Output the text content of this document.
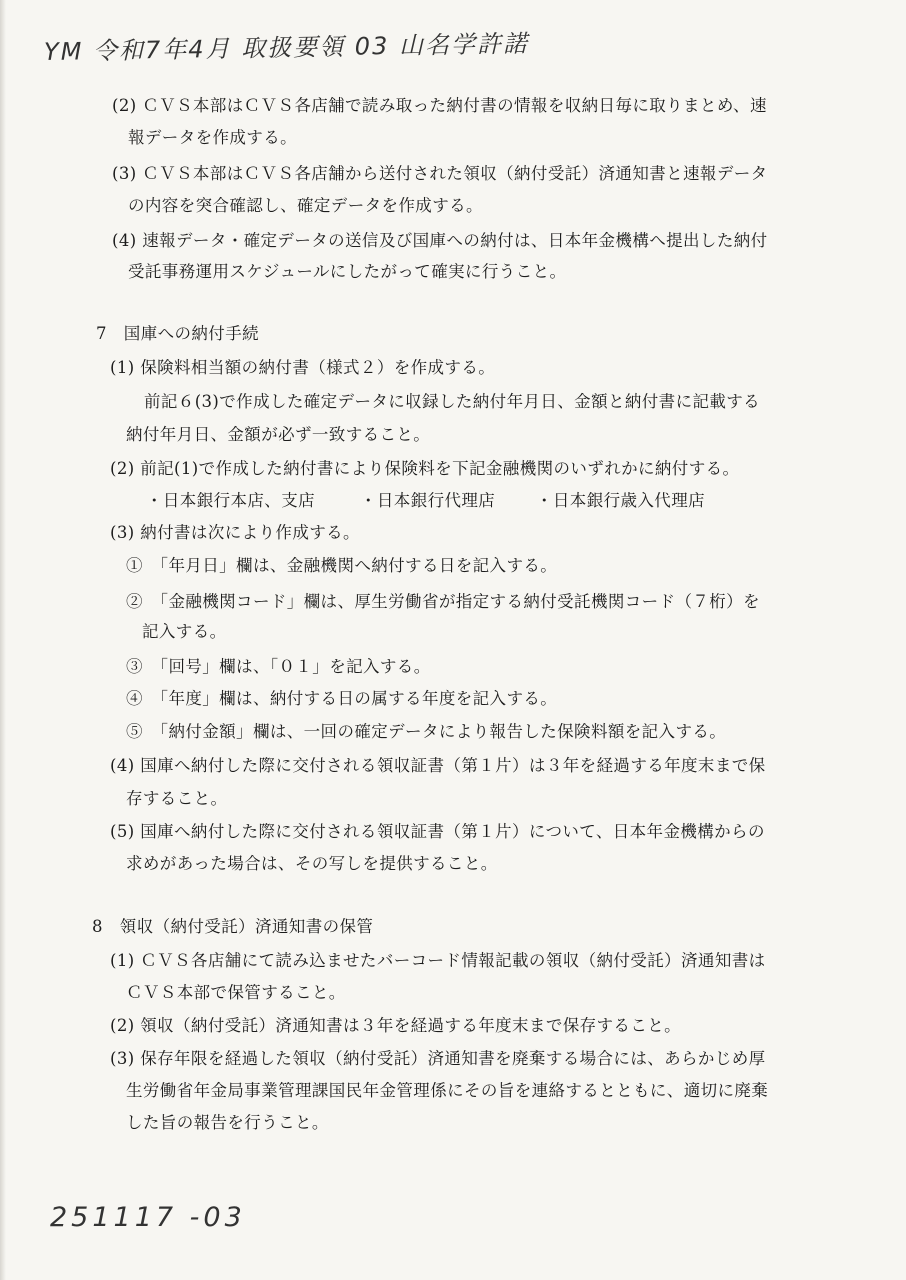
YM 令和7年4月 取扱要領 03 山名学許諾
(2) ＣＶＳ本部はＣＶＳ各店舗で読み取った納付書の情報を収納日毎に取りまとめ、速
報データを作成する。
(3) ＣＶＳ本部はＣＶＳ各店舗から送付された領収（納付受託）済通知書と速報データ
の内容を突合確認し、確定データを作成する。
(4) 速報データ・確定データの送信及び国庫への納付は、日本年金機構へ提出した納付
受託事務運用スケジュールにしたがって確実に行うこと。
7　国庫への納付手続
(1) 保険料相当額の納付書（様式２）を作成する。
前記６(3)で作成した確定データに収録した納付年月日、金額と納付書に記載する
納付年月日、金額が必ず一致すること。
(2) 前記(1)で作成した納付書により保険料を下記金融機関のいずれかに納付する。
・日本銀行本店、支店	・日本銀行代理店 ・日本銀行歳入代理店
(3) 納付書は次により作成する。
①　「年月日」欄は、金融機関へ納付する日を記入する。
②　「金融機関コード」欄は、厚生労働省が指定する納付受託機関コード（７桁）を
記入する。
③　「回号」欄は、「０１」を記入する。
④　「年度」欄は、納付する日の属する年度を記入する。
⑤　「納付金額」欄は、一回の確定データにより報告した保険料額を記入する。
(4) 国庫へ納付した際に交付される領収証書（第１片）は３年を経過する年度末まで保
存すること。
(5) 国庫へ納付した際に交付される領収証書（第１片）について、日本年金機構からの
求めがあった場合は、その写しを提供すること。
8　領収（納付受託）済通知書の保管
(1) ＣＶＳ各店舗にて読み込ませたバーコード情報記載の領収（納付受託）済通知書は
ＣＶＳ本部で保管すること。
(2) 領収（納付受託）済通知書は３年を経過する年度末まで保存すること。
(3) 保存年限を経過した領収（納付受託）済通知書を廃棄する場合には、あらかじめ厚
生労働省年金局事業管理課国民年金管理係にその旨を連絡するとともに、適切に廃棄
した旨の報告を行うこと。
251117 -03
